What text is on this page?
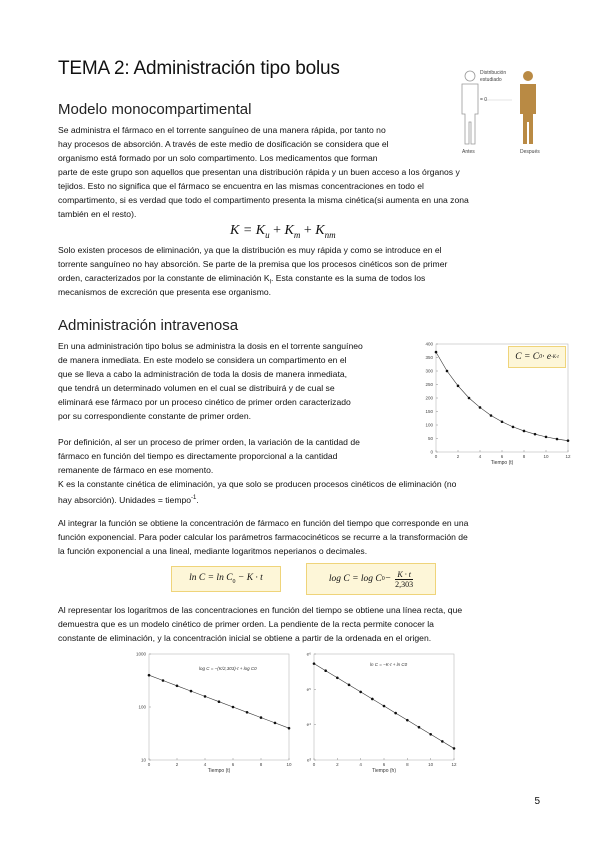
TEMA 2: Administración tipo bolus
Modelo monocompartimental

Se administra el fármaco en el torrente sanguíneo de una manera rápida, por tanto no

hay procesos de absorción. A través de este medio de dosificación se considera que el

organismo está formado por un solo compartimento. Los medicamentos que forman

parte de este grupo son aquellos que presentan una distribución rápida y un buen acceso a los órganos y

tejidos. Esto no significa que el fármaco se encuentra en las mismas concentraciones en todo el

compartimento, si es verdad que todo el compartimento presenta la misma cinética(si aumenta en una zona

también en el resto).

$K = K_u + K_m + K_{nm}$

Solo existen procesos de eliminación, ya que la distribución es muy rápida y como se introduce en el

torrente sanguíneo no hay absorción. Se parte de la premisa que los procesos cinéticos son de primer

orden, caracterizados por la constante de eliminación $K_l$. Esta constante es la suma de todos los

mecanismos de excreción que presenta ese organismo.

Distribución
estudiado
= 0
Antes	Después
Administración intravenosa

En una administración tipo bolus se administra la dosis en el torrente sanguíneo

de manera inmediata. En este modelo se considera un compartimento en el

que se lleva a cabo la administración de toda la dosis de manera inmediata,

que tendrá un determinado volumen en el cual se distribuirá y de cual se

eliminará ese fármaco por un proceso cinético de primer orden caracterizado

por su correspondiente constante de primer orden.

Por definición, al ser un proceso de primer orden, la variación de la cantidad de

fármaco en función del tiempo es directamente proporcional a la cantidad

remanente de fármaco en ese momento.

K es la constante cinética de eliminación, ya que solo se producen procesos cinéticos de eliminación (no

hay absorción). Unidades = tiempo$^{-1}$.

Al integrar la función se obtiene la concentración de fármaco en función del tiempo que corresponde en una

función exponencial. Para poder calcular los parámetros farmacocinéticos se recurre a la transformación de

la función exponencial a una lineal, mediante logaritmos neperianos o decimales.

C = C 0 · e -K·t
0
50
100
150
200
250
300
350
400
0	2	4	6	8	10	12
Tiempo (t)
$\ln C = \ln C_0 - K \cdot t$	log C = log C $0 - \frac{K \cdot t}{2,303}$

Al representar los logaritmos de las concentraciones en función del tiempo se obtiene una línea recta, que

demuestra que es un modelo cinético de primer orden. La pendiente de la recta permite conocer la

constante de eliminación, y la concentración inicial se obtiene a partir de la ordenada en el origen.

10
100
1000
0	2	4	6	8	10
Tiempo (t)
log C = −(K/2,303)·t + log C0
e³
e⁴
e⁵
e⁶
0	2	4	6	8	10	12
Tiempo (h)
ln C = −K·t + ln C0
5
